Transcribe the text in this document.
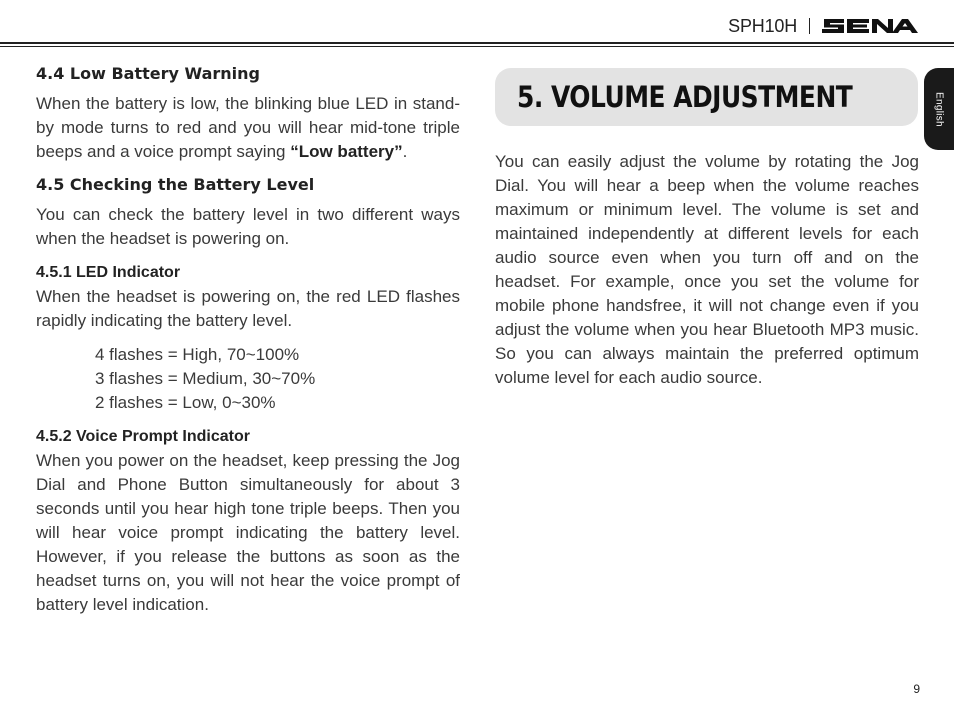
SPH10H
4.4 Low Battery Warning

When the battery is low, the blinking blue LED in stand-by mode turns to red and you will hear mid-tone triple beeps and a voice prompt saying “Low battery”.

4.5 Checking the Battery Level

You can check the battery level in two different ways when the headset is powering on.

4.5.1 LED Indicator

When the headset is powering on, the red LED flashes rapidly indicating the battery level.

4 flashes = High, 70~100%
3 flashes = Medium, 30~70%
2 flashes = Low, 0~30%
4.5.2 Voice Prompt Indicator

When you power on the headset, keep pressing the Jog Dial and Phone Button simultaneously for about 3 seconds until you hear high tone triple beeps. Then you will hear voice prompt indicating the battery level. However, if you release the buttons as soon as the headset turns on, you will not hear the voice prompt of battery level indication.

5. VOLUME ADJUSTMENT

You can easily adjust the volume by rotating the Jog Dial. You will hear a beep when the volume reaches maximum or minimum level. The volume is set and maintained independently at different levels for each audio source even when you turn off and on the headset. For example, once you set the volume for mobile phone handsfree, it will not change even if you adjust the volume when you hear Bluetooth MP3 music. So you can always maintain the preferred optimum volume level for each audio source.

English
9
